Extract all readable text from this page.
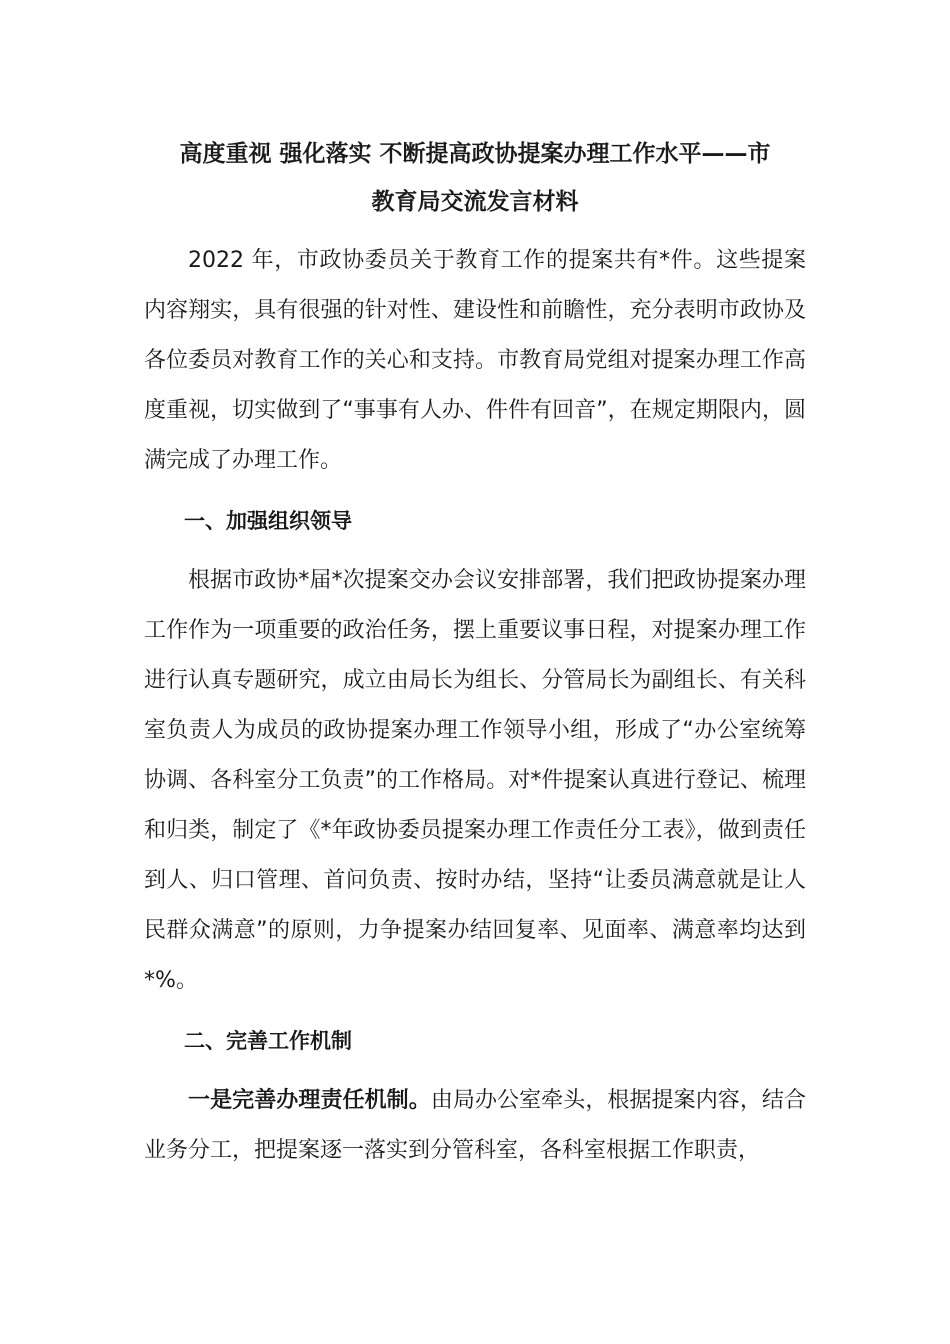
高度重视 强化落实 不断提高政协提案办理工作水平——市
教育局交流发言材料

2022 年，市政协委员关于教育工作的提案共有*件。这些提案内容翔实，具有很强的针对性、建设性和前瞻性，充分表明市政协及各位委员对教育工作的关心和支持。市教育局党组对提案办理工作高度重视，切实做到了“事事有人办、件件有回音”，在规定期限内，圆满完成了办理工作。

一、加强组织领导

根据市政协*届*次提案交办会议安排部署，我们把政协提案办理工作作为一项重要的政治任务，摆上重要议事日程，对提案办理工作进行认真专题研究，成立由局长为组长、分管局长为副组长、有关科室负责人为成员的政协提案办理工作领导小组，形成了“办公室统筹协调、各科室分工负责”的工作格局。对*件提案认真进行登记、梳理和归类，制定了《*年政协委员提案办理工作责任分工表》，做到责任到人、归口管理、首问负责、按时办结，坚持“让委员满意就是让人民群众满意”的原则，力争提案办结回复率、见面率、满意率均达到*%。

二、完善工作机制

一是完善办理责任机制。由局办公室牵头，根据提案内容，结合业务分工，把提案逐一落实到分管科室，各科室根据工作职责，
